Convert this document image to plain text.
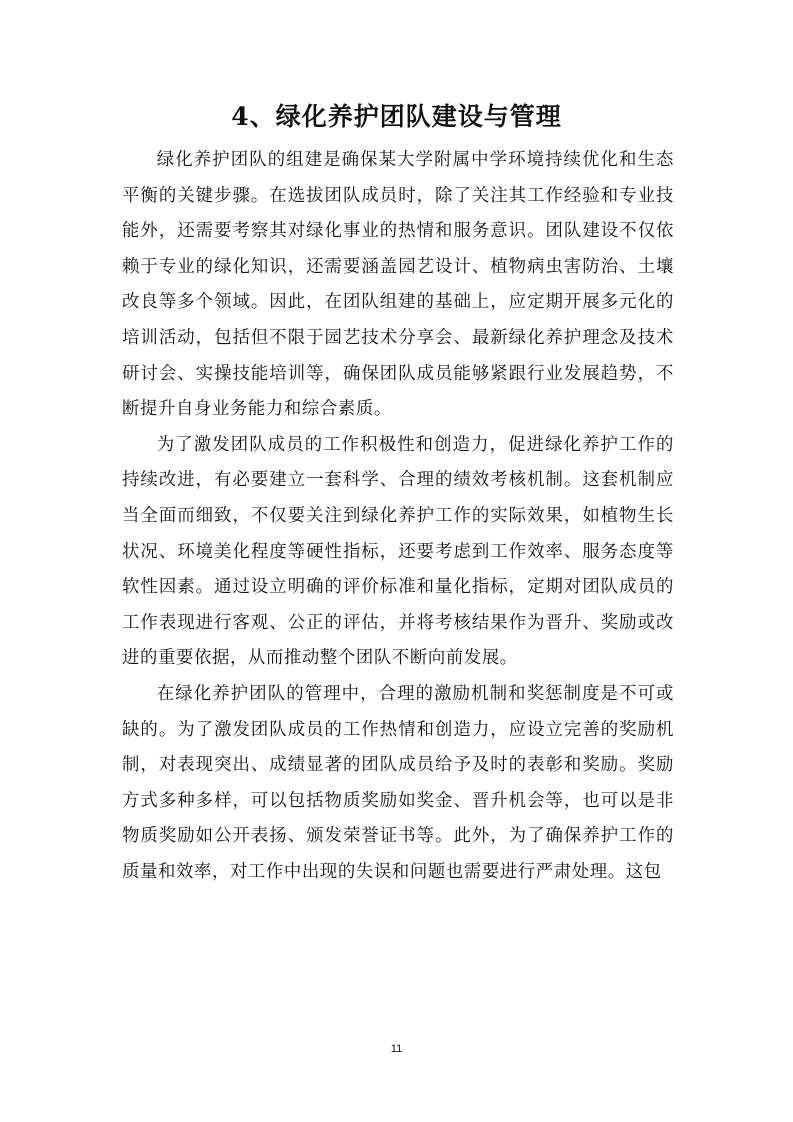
4、绿化养护团队建设与管理

绿化养护团队的组建是确保某大学附属中学环境持续优化和生态平衡的关键步骤。在选拔团队成员时，除了关注其工作经验和专业技能外，还需要考察其对绿化事业的热情和服务意识。团队建设不仅依赖于专业的绿化知识，还需要涵盖园艺设计、植物病虫害防治、土壤改良等多个领域。因此，在团队组建的基础上，应定期开展多元化的培训活动，包括但不限于园艺技术分享会、最新绿化养护理念及技术研讨会、实操技能培训等，确保团队成员能够紧跟行业发展趋势，不断提升自身业务能力和综合素质。

为了激发团队成员的工作积极性和创造力，促进绿化养护工作的持续改进，有必要建立一套科学、合理的绩效考核机制。这套机制应当全面而细致，不仅要关注到绿化养护工作的实际效果，如植物生长状况、环境美化程度等硬性指标，还要考虑到工作效率、服务态度等软性因素。通过设立明确的评价标准和量化指标，定期对团队成员的工作表现进行客观、公正的评估，并将考核结果作为晋升、奖励或改进的重要依据，从而推动整个团队不断向前发展。

在绿化养护团队的管理中，合理的激励机制和奖惩制度是不可或缺的。为了激发团队成员的工作热情和创造力，应设立完善的奖励机制，对表现突出、成绩显著的团队成员给予及时的表彰和奖励。奖励方式多种多样，可以包括物质奖励如奖金、晋升机会等，也可以是非物质奖励如公开表扬、颁发荣誉证书等。此外，为了确保养护工作的质量和效率，对工作中出现的失误和问题也需要进行严肃处理。这包

11
